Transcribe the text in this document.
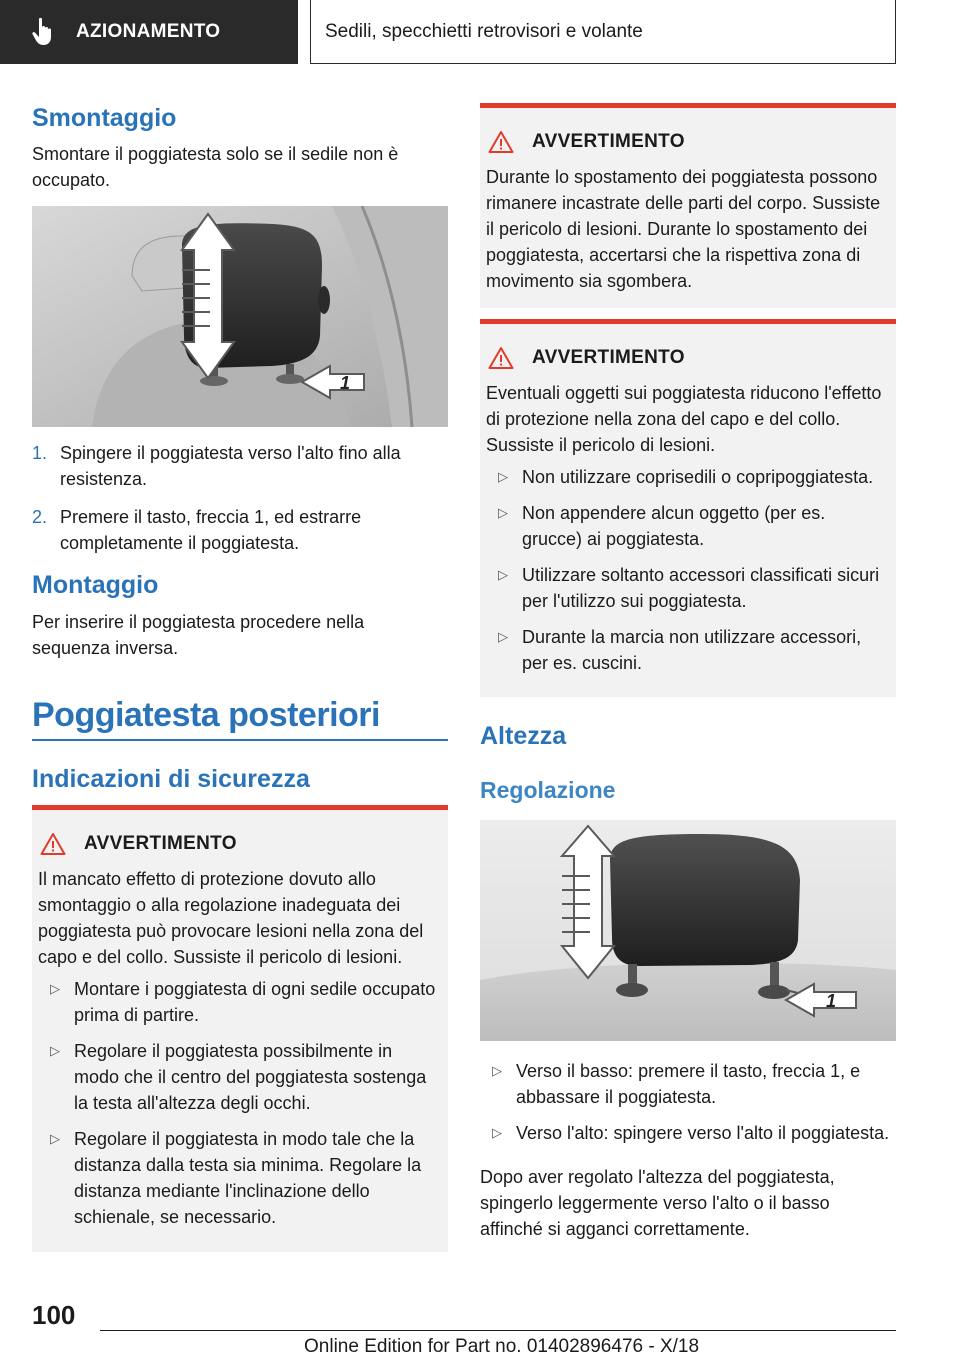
AZIONAMENTO	Sedili, specchietti retrovisori e volante
Smontaggio
Smontare il poggiatesta solo se il sedile non è occupato.
1
1. Spingere il poggiatesta verso l'alto fino alla resistenza.
2. Premere il tasto, freccia 1, ed estrarre completamente il poggiatesta.
Montaggio
Per inserire il poggiatesta procedere nella sequenza inversa.
Poggiatesta posteriori
Indicazioni di sicurezza
AVVERTIMENTO
Il mancato effetto di protezione dovuto allo smontaggio o alla regolazione inadeguata dei poggiatesta può provocare lesioni nella zona del capo e del collo. Sussiste il pericolo di lesioni.
▷ Montare i poggiatesta di ogni sedile occupato prima di partire.
▷ Regolare il poggiatesta possibilmente in modo che il centro del poggiatesta sostenga la testa all'altezza degli occhi.
▷ Regolare il poggiatesta in modo tale che la distanza dalla testa sia minima. Regolare la distanza mediante l'inclinazione dello schienale, se necessario.
AVVERTIMENTO
Durante lo spostamento dei poggiatesta possono rimanere incastrate delle parti del corpo. Sussiste il pericolo di lesioni. Durante lo spostamento dei poggiatesta, accertarsi che la rispettiva zona di movimento sia sgombera.
AVVERTIMENTO
Eventuali oggetti sui poggiatesta riducono l'effetto di protezione nella zona del capo e del collo. Sussiste il pericolo di lesioni.
▷ Non utilizzare coprisedili o copripoggiatesta.
▷ Non appendere alcun oggetto (per es. grucce) ai poggiatesta.
▷ Utilizzare soltanto accessori classificati sicuri per l'utilizzo sui poggiatesta.
▷ Durante la marcia non utilizzare accessori, per es. cuscini.
Altezza
Regolazione
1
▷ Verso il basso: premere il tasto, freccia 1, e abbassare il poggiatesta.
▷ Verso l'alto: spingere verso l'alto il poggiatesta.
Dopo aver regolato l'altezza del poggiatesta, spingerlo leggermente verso l'alto o il basso affinché si agganci correttamente.
100
Online Edition for Part no. 01402896476 - X/18
